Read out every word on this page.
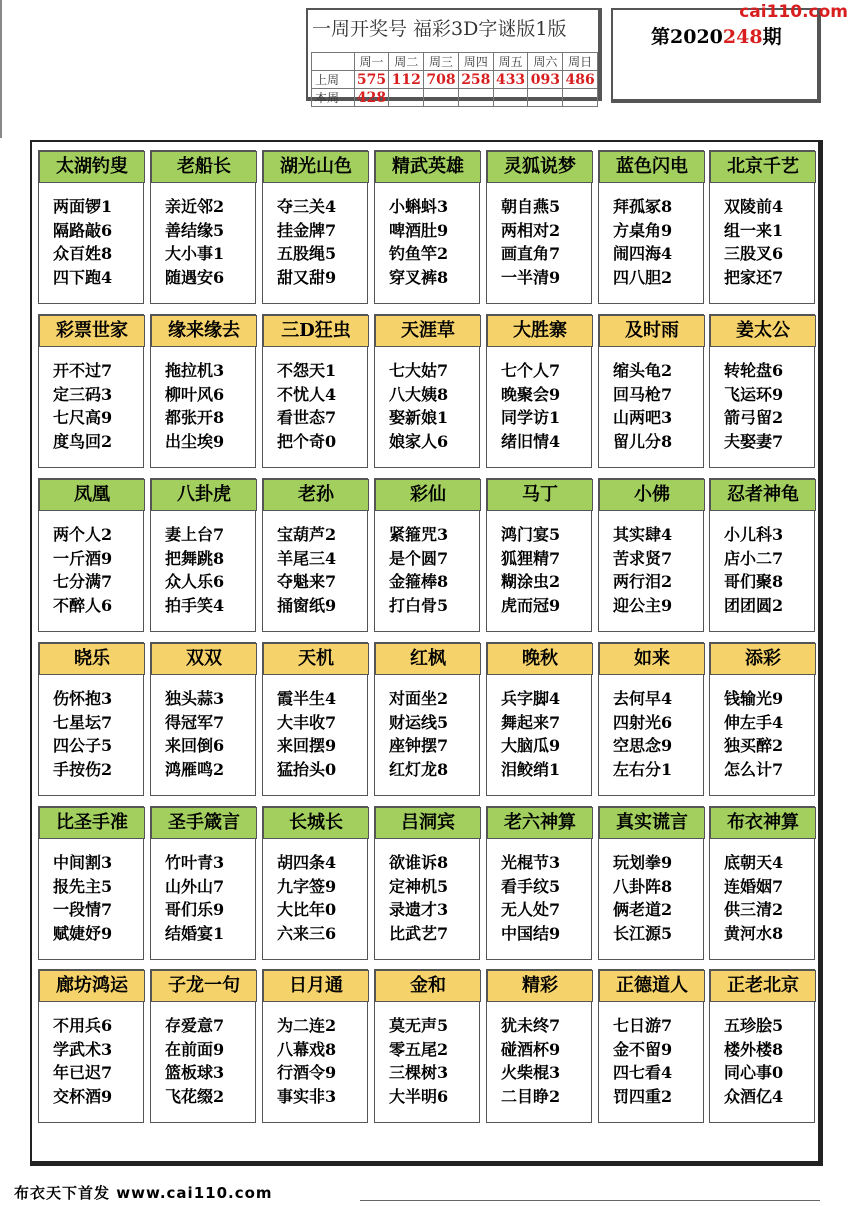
一周开奖号 福彩3D字谜版1版
	周一	周二	周三	周四	周五	周六	周日
上周	575	112	708	258	433	093	486
本周	428						
第2020248期
cai110.com
太湖钓叟
两面锣1
隔路敲6
众百姓8
四下跑4
老船长
亲近邻2
善结缘5
大小事1
随遇安6
湖光山色
夺三关4
挂金牌7
五股绳5
甜又甜9
精武英雄
小蝌蚪3
啤酒肚9
钓鱼竿2
穿叉裤8
灵狐说梦
朝自燕5
两相对2
画直角7
一半清9
蓝色闪电
拜孤冢8
方桌角9
闹四海4
四八胆2
北京千艺
双陵前4
组一来1
三股叉6
把家还7
彩票世家
开不过7
定三码3
七尺高9
度鸟回2
缘来缘去
拖拉机3
柳叶风6
都张开8
出尘埃9
三D狂虫
不怨天1
不忧人4
看世态7
把个奇0
天涯草
七大姑7
八大姨8
娶新娘1
娘家人6
大胜寨
七个人7
晚聚会9
同学访1
绪旧情4
及时雨
缩头龟2
回马枪7
山两吧3
留儿分8
姜太公
转轮盘6
飞运环9
箭弓留2
夫娶妻7
凤凰
两个人2
一斤酒9
七分满7
不醉人6
八卦虎
妻上台7
把舞跳8
众人乐6
拍手笑4
老孙
宝葫芦2
羊尾三4
夺魁来7
捅窗纸9
彩仙
紧箍咒3
是个圆7
金箍棒8
打白骨5
马丁
鸿门宴5
狐狸精7
糊涂虫2
虎而冠9
小佛
其实肆4
苦求贤7
两行泪2
迎公主9
忍者神龟
小儿科3
店小二7
哥们聚8
团团圆2
晓乐
伤怀抱3
七星坛7
四公子5
手按伤2
双双
独头蒜3
得冠军7
来回倒6
鸿雁鸣2
天机
霞半生4
大丰收7
来回摆9
猛抬头0
红枫
对面坐2
财运线5
座钟摆7
红灯龙8
晚秋
兵字脚4
舞起来7
大脑瓜9
泪鲛绡1
如来
去何早4
四射光6
空思念9
左右分1
添彩
钱输光9
伸左手4
独买醉2
怎么计7
比圣手准
中间割3
报先主5
一段情7
赋婕妤9
圣手箴言
竹叶青3
山外山7
哥们乐9
结婚宴1
长城长
胡四条4
九字签9
大比年0
六来三6
吕洞宾
欲谁诉8
定神机5
录遗才3
比武艺7
老六神算
光棍节3
看手纹5
无人处7
中国结9
真实谎言
玩划拳9
八卦阵8
俩老道2
长江源5
布衣神算
底朝天4
连婚姻7
供三清2
黄河水8
廊坊鸿运
不用兵6
学武术3
年已迟7
交杯酒9
子龙一句
存爱意7
在前面9
篮板球3
飞花缀2
日月通
为二连2
八幕戏8
行酒令9
事实非3
金和
莫无声5
零五尾2
三棵树3
大半明6
精彩
犹未终7
碰酒杯9
火柴棍3
二目睁2
正德道人
七日游7
金不留9
四七看4
罚四重2
正老北京
五珍脍5
楼外楼8
同心事0
众酒亿4
布衣天下首发 www.cai110.com
